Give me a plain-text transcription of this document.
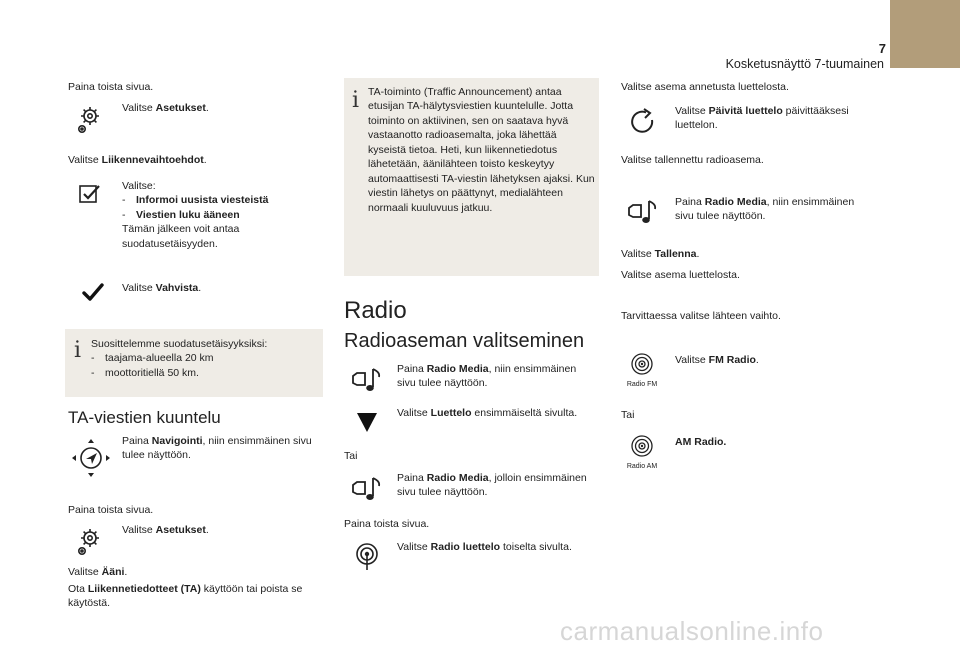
7
Kosketusnäyttö 7-tuumainen
Paina toista sivua.
Valitse Asetukset.
Valitse Liikennevaihtoehdot.
Valitse:
- Informoi uusista viesteistä
- Viestien luku ääneen
Tämän jälkeen voit antaa suodatusetäisyyden.
Valitse Vahvista.
i Suosittelemme suodatusetäisyyksiksi:
- taajama-alueella 20 km
- moottoritiellä 50 km.
TA-viestien kuuntelu
Paina Navigointi, niin ensimmäinen sivu tulee näyttöön.
Paina toista sivua.
Valitse Asetukset.
Valitse Ääni.
Ota Liikennetiedotteet (TA) käyttöön tai poista se käytöstä.
i TA-toiminto (Traffic Announcement) antaa etusijan TA-hälytysviestien kuuntelulle. Jotta toiminto on aktiivinen, sen on saatava hyvä vastaanotto radioasemalta, joka lähettää kyseistä tietoa. Heti, kun liikennetiedotus lähetetään, äänilähteen toisto keskeytyy automaattisesti TA-viestin lähetyksen ajaksi. Kun viestin lähetys on päättynyt, medialähteen normaali kuuluvuus jatkuu.
Radio
Radioaseman valitseminen
Paina Radio Media, niin ensimmäinen sivu tulee näyttöön.
Valitse Luettelo ensimmäiseltä sivulta.
Tai
Paina Radio Media, jolloin ensimmäinen sivu tulee näyttöön.
Paina toista sivua.
Valitse Radio luettelo toiselta sivulta.
Valitse asema annetusta luettelosta.
Valitse Päivitä luettelo päivittääksesi luettelon.
Valitse tallennettu radioasema.
Paina Radio Media, niin ensimmäinen sivu tulee näyttöön.
Valitse Tallenna.
Valitse asema luettelosta.
Tarvittaessa valitse lähteen vaihto.
Radio FM
Valitse FM Radio.
Tai
Radio AM
AM Radio.
carmanualsonline.info
